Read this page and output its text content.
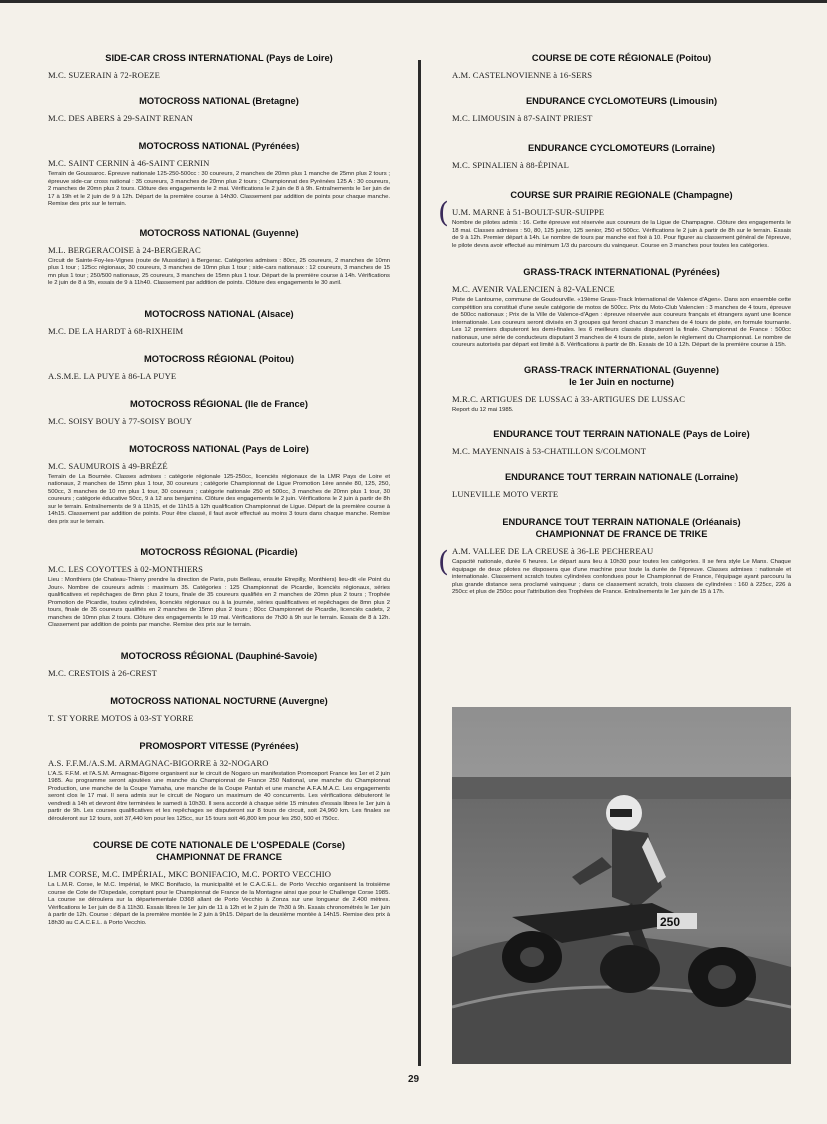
SIDE-CAR CROSS INTERNATIONAL (Pays de Loire)
M.C. SUZERAIN à 72-ROEZE
MOTOCROSS NATIONAL (Bretagne)
M.C. DES ABERS à 29-SAINT RENAN
MOTOCROSS NATIONAL (Pyrénées)
M.C. SAINT CERNIN à 46-SAINT CERNIN

Terrain de Goussaroc. Épreuve nationale 125-250-500cc : 30 coureurs, 2 manches de 20mn plus 1 manche de 25mn plus 2 tours ; épreuve side-car cross national : 35 coureurs, 3 manches de 20mn plus 2 tours ; Championnat des Pyrénées 125 A : 30 coureurs, 2 manches de 20mn plus 2 tours. Clôture des engagements le 2 mai. Vérifications le 2 juin de 8 à 9h. Entraînements le 1er juin de 17 à 19h et le 2 juin de 9 à 12h. Départ de la première course à 14h30. Classement par addition de points pour chaque manche. Remise des prix sur le terrain.

MOTOCROSS NATIONAL (Guyenne)
M.L. BERGERACOISE à 24-BERGERAC

Circuit de Sainte-Foy-les-Vignes (route de Mussidan) à Bergerac. Catégories admises : 80cc, 25 coureurs, 2 manches de 10mn plus 1 tour ; 125cc régionaux, 30 coureurs, 3 manches de 10mn plus 1 tour ; side-cars nationaux : 12 coureurs, 3 manches de 15 mn plus 1 tour ; 250/500 nationaux, 25 coureurs, 3 manches de 15mn plus 1 tour. Départ de la première course à 14h. Vérifications le 2 juin de 8 à 9h, essais de 9 à 11h40. Classement par addition de points. Clôture des engagements le 30 avril.

MOTOCROSS NATIONAL (Alsace)
M.C. DE LA HARDT à 68-RIXHEIM
MOTOCROSS RÉGIONAL (Poitou)
A.S.M.E. LA PUYE à 86-LA PUYE
MOTOCROSS RÉGIONAL (Ile de France)
M.C. SOISY BOUY à 77-SOISY BOUY
MOTOCROSS NATIONAL (Pays de Loire)
M.C. SAUMUROIS à 49-BRÉZÉ

Terrain de La Bournée. Classes admises : catégorie régionale 125-250cc, licenciés régionaux de la LMR Pays de Loire et nationaux, 2 manches de 15mn plus 1 tour, 30 coureurs ; catégorie Championnat de Ligue Promotion 1ère année 80, 125, 250, 500cc, 3 manches de 10 mn plus 1 tour, 30 coureurs ; catégorie nationale 250 et 500cc, 3 manches de 20mn plus 1 tour, 30 coureurs ; catégorie éducative 50cc, 9 à 12 ans benjamins. Clôture des engagements le 2 juin. Vérifications le 2 juin à partir de 8h sur le terrain. Entraînements de 9 à 11h15, et de 11h15 à 12h qualification Championnat de Ligue. Départ de la première course à 14h15. Classement par addition de points. Pour être classé, il faut avoir effectué au moins 3 tours dans chaque manche. Remise des prix sur le terrain.

MOTOCROSS RÉGIONAL (Picardie)
M.C. LES COYOTTES à 02-MONTHIERS

Lieu : Monthiers (de Chateau-Thierry prendre la direction de Paris, puis Belleau, ensuite Etrepilly, Monthiers) lieu-dit «le Point du Jour». Nombre de coureurs admis : maximum 35. Catégories : 125 Championnat de Picardie, licenciés régionaux, séries qualificatives et repêchages de 8mn plus 2 tours, finale de 35 coureurs qualifiés en 2 manches de 20mn plus 2 tours ; Trophée Promotion de Picardie, toutes cylindrées, licenciés régionaux ou à la journée, séries qualificatives et repêchages de 8mn plus 2 tours, finale de 35 coureurs qualifiés en 2 manches de 15mn plus 2 tours ; 80cc Championnet de Picardie, licenciés cadets, 2 manches de 10mn plus 2 tours. Clôture des engagements le 19 mai. Vérifications de 7h30 à 9h sur le terrain. Essais de 8 à 12h. Classement par addition de points par manche. Remise des prix sur le terrain.

MOTOCROSS RÉGIONAL (Dauphiné-Savoie)
M.C. CRESTOIS à 26-CREST
MOTOCROSS NATIONAL NOCTURNE (Auvergne)
T. ST YORRE MOTOS à 03-ST YORRE
PROMOSPORT VITESSE (Pyrénées)
A.S. F.F.M./A.S.M. ARMAGNAC-BIGORRE à 32-NOGARO

L'A.S. F.F.M. et l'A.S.M. Armagnac-Bigorre organisent sur le circuit de Nogaro un manifestation Promosport France les 1er et 2 juin 1985. Au programme seront ajoutées une manche du Championnat de France 250 National, une manche du Championnat Production, une manche de la Coupe Yamaha, une manche de la Coupe Pantah et une manche A.F.A.M.A.C. Les engagements seront clos le 17 mai. Il sera admis sur le circuit de Nogaro un maximum de 40 concurrents. Les vérifications débuteront le vendredi à 14h et devront être terminées le samedi à 10h30. Il sera accordé à chaque série 15 minutes d'essais libres le 1er juin à partir de 9h. Les courses qualificatives et les repêchages se disputeront sur 8 tours de circuit, soit 24,960 km. Les finales se dérouleront sur 12 tours, soit 37,440 km pour les 125cc, sur 15 tours soit 46,800 km pour les 250, 500 et 750cc.

COURSE DE COTE NATIONALE DE L'OSPEDALE (Corse)
CHAMPIONNAT DE FRANCE
LMR CORSE, M.C. IMPÉRIAL, MKC BONIFACIO, M.C. PORTO VECCHIO

La L.M.R. Corse, le M.C. Impérial, le MKC Bonifacio, la municipalité et le C.A.C.E.L. de Porto Vecchio organisent la troisième course de Cote de l'Ospedale, comptant pour le Championnat de France de la Montagne ainsi que pour le Challenge Corse 1985. La course se déroulera sur la départementale D368 allant de Porto Vecchio à Zonza sur une longueur de 2.400 mètres. Vérifications le 1er juin de 8 à 11h30. Essais libres le 1er juin de 11 à 12h et le 2 juin de 7h30 à 9h. Essais chronométrés le 1er juin à partir de 12h. Course : départ de la première montée le 2 juin à 9h15. Départ de la deuxième montée à 14h15. Remise des prix à 18h30 au C.A.C.E.L. à Porto Vecchio.

COURSE DE COTE RÉGIONALE (Poitou)
A.M. CASTELNOVIENNE à 16-SERS
ENDURANCE CYCLOMOTEURS (Limousin)
M.C. LIMOUSIN à 87-SAINT PRIEST
ENDURANCE CYCLOMOTEURS (Lorraine)
M.C. SPINALIEN à 88-ÉPINAL
COURSE SUR PRAIRIE REGIONALE (Champagne)
U.M. MARNE à 51-BOULT-SUR-SUIPPE

Nombre de pilotes admis : 16. Cette épreuve est réservée aux coureurs de la Ligue de Champagne. Clôture des engagements le 18 mai. Classes admises : 50, 80, 125 junior, 125 senior, 250 et 500cc. Vérifications le 2 juin à partir de 8h sur le terrain. Essais de 9 à 12h. Premier départ à 14h. Le nombre de tours par manche est fixé à 10. Pour figurer au classement général de l'épreuve, le pilote devra avoir effectué au minimum 1/3 du parcours du vainqueur. Course en 3 manches pour toutes les catégories.

GRASS-TRACK INTERNATIONAL (Pyrénées)
M.C. AVENIR VALENCIEN à 82-VALENCE

Piste de Lantourne, commune de Goudourville. «19ème Grass-Track International de Valence d'Agen». Dans son ensemble cette compétition sra constitué d'une seule catégorie de motos de 500cc. Prix du Moto-Club Valencien : 3 manches de 4 tours, épreuve de 500cc nationaux ; Prix de la Ville de Valence-d'Agen : épreuve réservée aux coureurs français et étrangers ayant une licence internationale. Les coureurs seront divisés en 3 groupes qui feront chacun 3 manches de 4 tours de piste, en formule tournante. Les 12 premiers disputeront les demi-finales. les 6 meilleurs classés disputeront la finale. Championnat de France : 500cc nationaux, une série de conducteurs disputant 3 manches de 4 tours de piste, selon le règlement du Championnat. Le nombre de coureurs autorisés par départ est limité à 8. Vérifications à partir de 8h. Essais de 10 à 12h. Départ de la première course à 15h.

GRASS-TRACK INTERNATIONAL (Guyenne)
le 1er Juin en nocturne)
M.R.C. ARTIGUES DE LUSSAC à 33-ARTIGUES DE LUSSAC

Report du 12 mai 1985.

ENDURANCE TOUT TERRAIN NATIONALE (Pays de Loire)
M.C. MAYENNAIS à 53-CHATILLON S/COLMONT
ENDURANCE TOUT TERRAIN NATIONALE (Lorraine)
LUNEVILLE MOTO VERTE
ENDURANCE TOUT TERRAIN NATIONALE (Orléanais)
CHAMPIONNAT DE FRANCE DE TRIKE
A.M. VALLEE DE LA CREUSE à 36-LE PECHEREAU

Capacité nationale, durée 6 heures. Le départ aura lieu à 10h30 pour toutes les catégories. Il se fera style Le Mans. Chaque équipage de deux pilotes ne disposera que d'une machine pour toute la durée de l'épreuve. Classes admises : nationale et internationale. Classement scratch toutes cylindrées confondues pour le Championnat de France, l'équipage ayant parcouru la plus grande distance sera proclamé vainqueur ; dans ce classement scratch, trois classes de cylindrées : 160 à 225cc, 226 à 250cc et plus de 250cc pour l'attribution des Trophées de France. Entraînements le 1er juin de 15 à 17h.

(
(
250
29
